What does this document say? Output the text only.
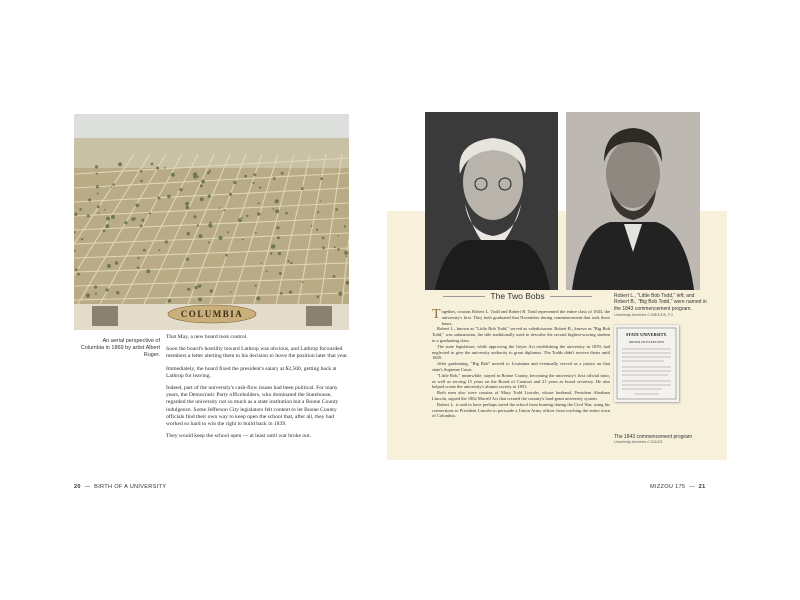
COLUMBIA
An aerial perspective of Columbia in 1869 by artist Albert Ruger.

That May, a new board took control.

Soon the board's hostility toward Lathrop was obvious, and Lathrop forwarded members a letter alerting them to his decision to leave the position later that year.

Immediately, the board fixed the president's salary at $2,500, getting back at Lathrop for leaving.

Indeed, part of the university's cash-flow issues had been political. For many years, the Democratic Party officeholders, who dominated the Statehouse, regarded the university not so much as a state institution but a Boone County indulgence. Some Jefferson City legislators felt content to let Boone County officials find their own way to keep open the school that, after all, they had worked so hard to win the right to build back in 1839.

They would keep the school open — at least until war broke out.

20 — BIRTH OF A UNIVERSITY
The Two Bobs

Together, cousins Robert L. Todd and Robert B. Todd represented the entire class of 1843, the university's first. They both graduated that November during commencement that took three hours.

Robert L., known as "Little Bob Todd," served as valedictorian. Robert B., known as "Big Bob Todd," was salutatorian, the title traditionally used to describe the second highest-scoring student in a graduating class.

The state legislature, while approving the Geyer Act establishing the university in 1839, had neglected to give the university authority to grant diplomas. The Todds didn't receive theirs until 1845.

After graduating, "Big Bob" moved to Louisiana and eventually served as a justice on that state's Supreme Court.

"Little Bob," meanwhile, stayed in Boone County, becoming the university's first official tutor, as well as serving 15 years on the Board of Curators and 21 years as board secretary. He also helped create the university's alumni society in 1853.

Both men also were cousins of Mary Todd Lincoln, whose husband, President Abraham Lincoln, signed the 1862 Morrill Act that created the country's land-grant university system.

Robert L. is said to have perhaps saved the school from burning during the Civil War, using his connections to President Lincoln to persuade a Union Army officer from torching the entire town of Columbia.

Robert L., "Little Bob Todd," left; and Robert B., "Big Bob Todd," were named in the 1843 commencement program.
University Archives C:0/8/1/1/5, F.3
STATE UNIVERSITY.
ORDER OF EXERCISES
The 1843 commencement program
University Archives C:0/1/2/1
MIZZOU 175 — 21
